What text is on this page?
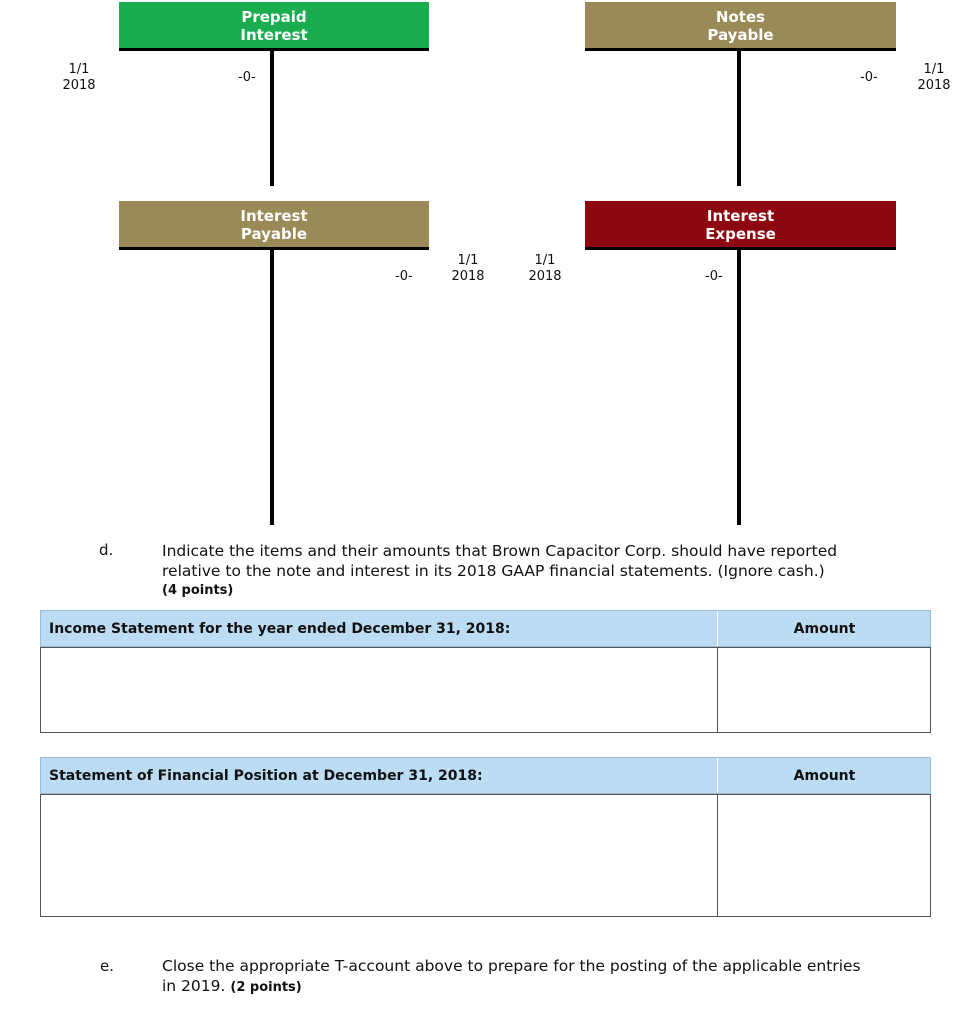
Prepaid
Interest
1/1
2018
-0-
Notes
Payable
-0-
1/1
2018
Interest
Payable
-0-
1/1
2018
Interest
Expense
1/1
2018	-0-
d.	Indicate the items and their amounts that Brown Capacitor Corp. should have reported
relative to the note and interest in its 2018 GAAP financial statements. (Ignore cash.)
(4 points)
Income Statement for the year ended December 31, 2018:	Amount
Statement of Financial Position at December 31, 2018:	Amount
e.	Close the appropriate T-account above to prepare for the posting of the applicable entries
in 2019. (2 points)
